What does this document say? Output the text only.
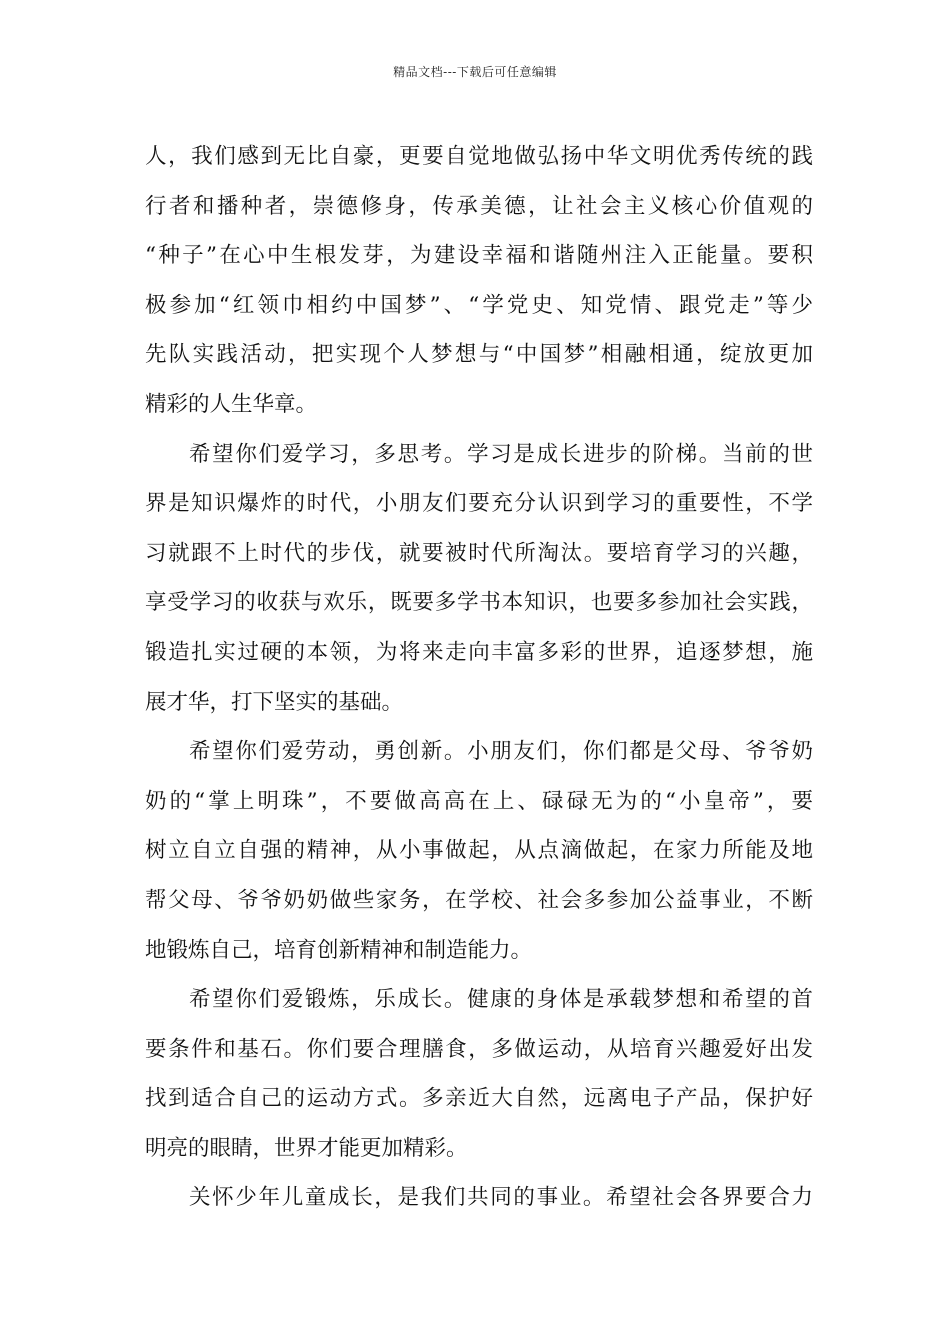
精品文档---下载后可任意编辑
人，我们感到无比自豪，更要自觉地做弘扬中华文明优秀传统的践
行者和播种者，崇德修身，传承美德，让社会主义核心价值观的
“种子”在心中生根发芽，为建设幸福和谐随州注入正能量。要积
极参加“红领巾相约中国梦”、“学党史、知党情、跟党走”等少
先队实践活动，把实现个人梦想与“中国梦”相融相通，绽放更加
精彩的人生华章。
希望你们爱学习，多思考。学习是成长进步的阶梯。当前的世
界是知识爆炸的时代，小朋友们要充分认识到学习的重要性，不学
习就跟不上时代的步伐，就要被时代所淘汰。要培育学习的兴趣，
享受学习的收获与欢乐，既要多学书本知识，也要多参加社会实践，
锻造扎实过硬的本领，为将来走向丰富多彩的世界，追逐梦想，施
展才华，打下坚实的基础。
希望你们爱劳动，勇创新。小朋友们，你们都是父母、爷爷奶
奶的“掌上明珠”，不要做高高在上、碌碌无为的“小皇帝”，要
树立自立自强的精神，从小事做起，从点滴做起，在家力所能及地
帮父母、爷爷奶奶做些家务，在学校、社会多参加公益事业，不断
地锻炼自己，培育创新精神和制造能力。
希望你们爱锻炼，乐成长。健康的身体是承载梦想和希望的首
要条件和基石。你们要合理膳食，多做运动，从培育兴趣爱好出发
找到适合自己的运动方式。多亲近大自然，远离电子产品，保护好
明亮的眼睛，世界才能更加精彩。
关怀少年儿童成长，是我们共同的事业。希望社会各界要合力
